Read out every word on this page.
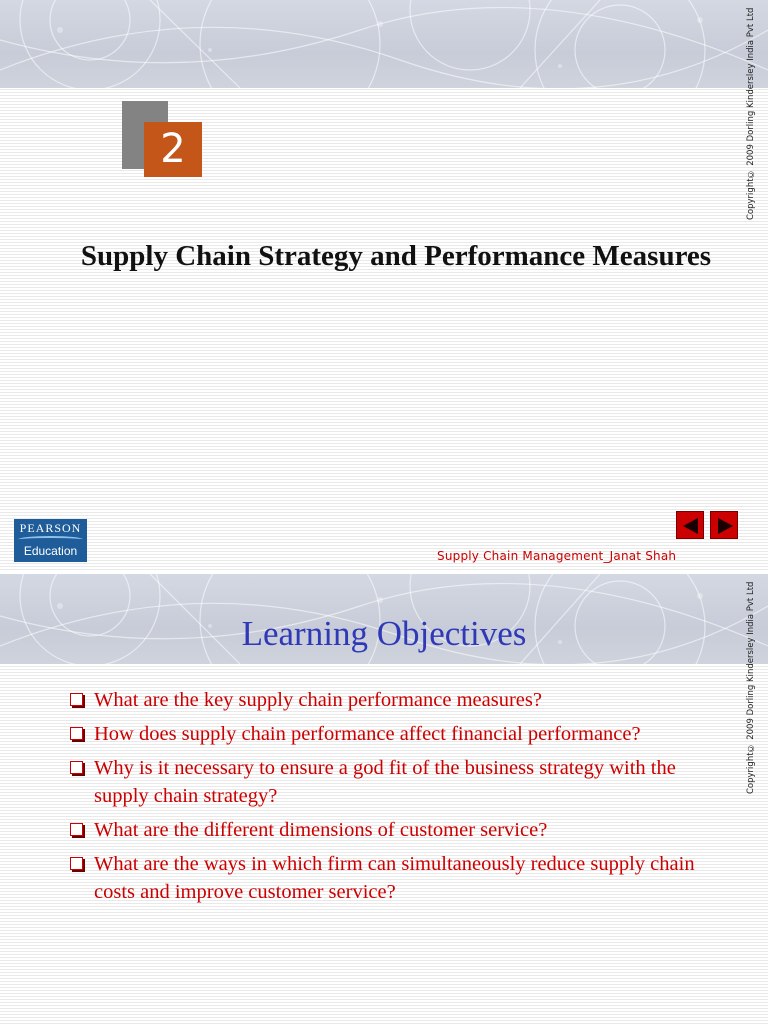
Copyright© 2009 Dorling Kindersley India Pvt Ltd
2
Supply Chain Strategy and Performance Measures
PEARSON
Education	Supply Chain Management_Janat Shah
Learning Objectives	Copyright© 2009 Dorling Kindersley India Pvt Ltd
What are the key supply chain performance measures?
How does supply chain performance affect financial performance?
Why is it necessary to ensure a god fit of the business strategy with the supply chain strategy?
What are the different dimensions of customer service?
What are the ways in which firm can simultaneously reduce supply chain costs and improve customer service?
